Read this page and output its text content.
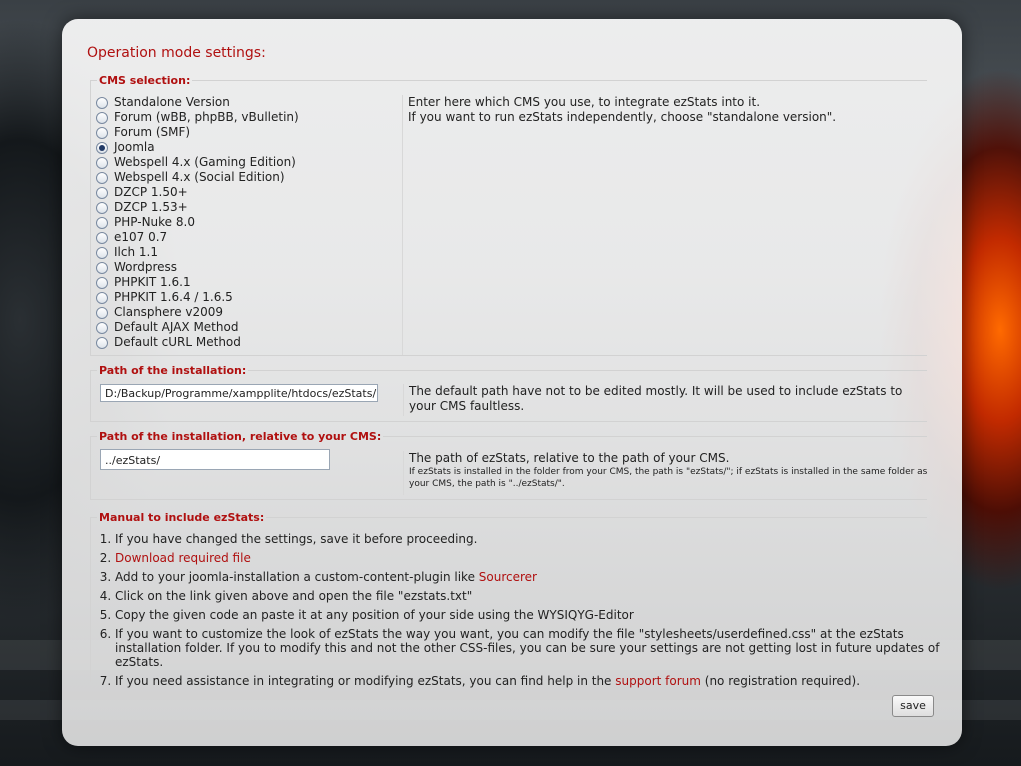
Operation mode settings:
CMS selection:
Standalone Version
Forum (wBB, phpBB, vBulletin)
Forum (SMF)
Joomla
Webspell 4.x (Gaming Edition)
Webspell 4.x (Social Edition)
DZCP 1.50+
DZCP 1.53+
PHP-Nuke 8.0
e107 0.7
Ilch 1.1
Wordpress
PHPKIT 1.6.1
PHPKIT 1.6.4 / 1.6.5
Clansphere v2009
Default AJAX Method
Default cURL Method
Enter here which CMS you use, to integrate ezStats into it.
If you want to run ezStats independently, choose "standalone version".
Path of the installation:
D:/Backup/Programme/xampplite/htdocs/ezStats/	The default path have not to be edited mostly. It will be used to include ezStats to your CMS faultless.
Path of the installation, relative to your CMS:
../ezStats/	The path of ezStats, relative to the path of your CMS.
If ezStats is installed in the folder from your CMS, the path is "ezStats/"; if ezStats is installed in the same folder as your CMS, the path is "../ezStats/".
Manual to include ezStats:
1. If you have changed the settings, save it before proceeding.
2. Download required file
3. Add to your joomla-installation a custom-content-plugin like Sourcerer
4. Click on the link given above and open the file "ezstats.txt"
5. Copy the given code an paste it at any position of your side using the WYSIQYG-Editor
6. If you want to customize the look of ezStats the way you want, you can modify the file "stylesheets/userdefined.css" at the ezStats installation folder. If you to modify this and not the other CSS-files, you can be sure your settings are not getting lost in future updates of ezStats.
7. If you need assistance in integrating or modifying ezStats, you can find help in the support forum (no registration required).
save
